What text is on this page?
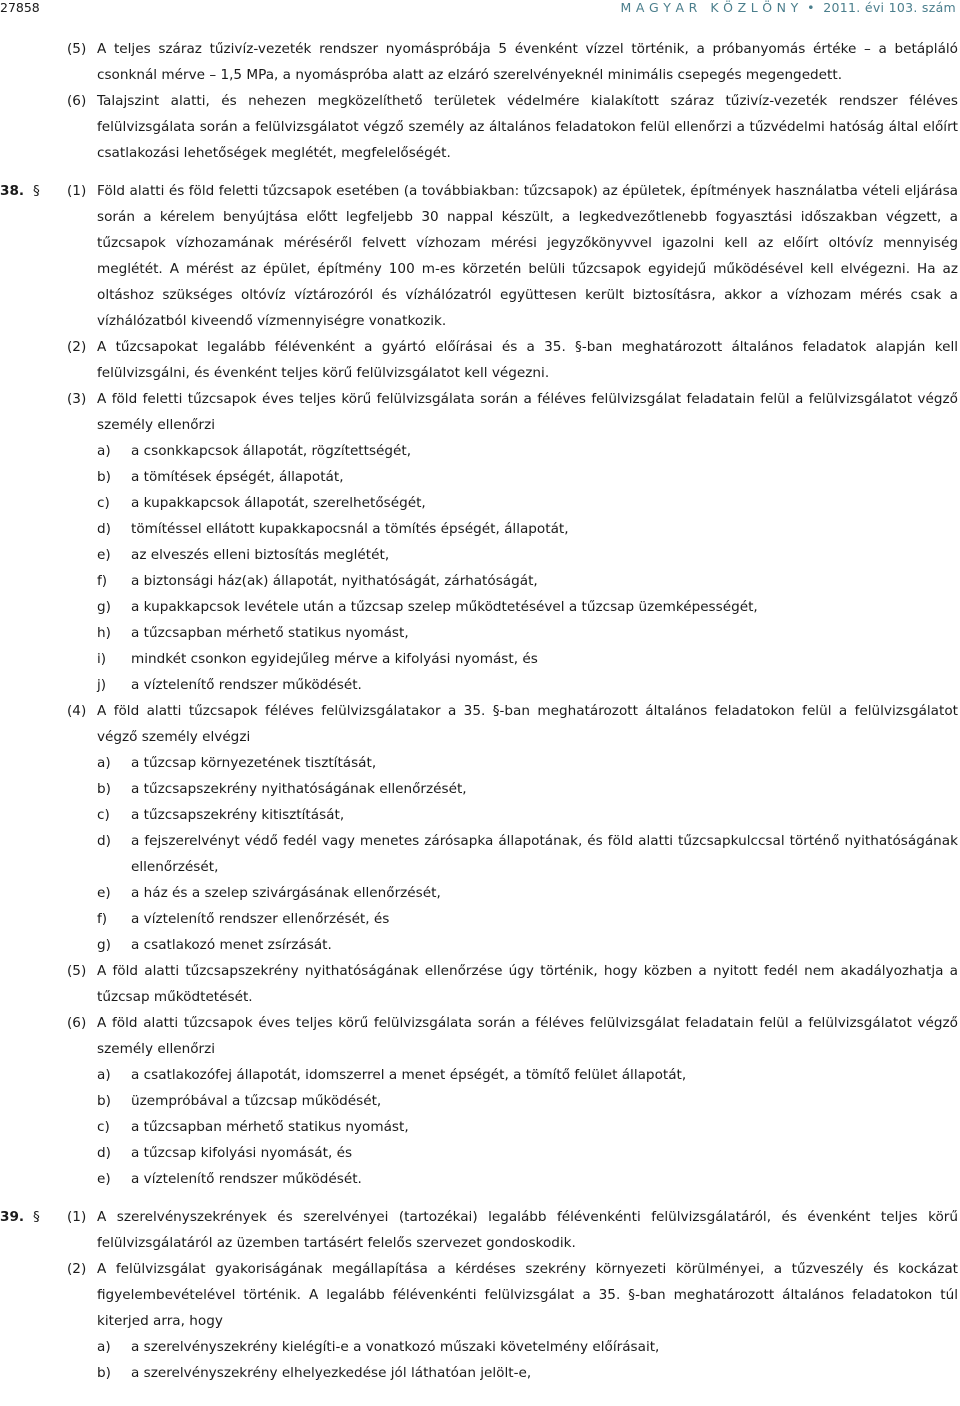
27858	M A G Y A R   K Ö Z L Ö N Y  •  2011. évi 103. szám
(5) A teljes száraz tűzivíz-vezeték rendszer nyomáspróbája 5 évenként vízzel történik, a próbanyomás értéke – a betápláló csonknál mérve – 1,5 MPa, a nyomáspróba alatt az elzáró szerelvényeknél minimális csepegés megengedett.
(6) Talajszint alatti, és nehezen megközelíthető területek védelmére kialakított száraz tűzivíz-vezeték rendszer féléves felülvizsgálata során a felülvizsgálatot végző személy az általános feladatokon felül ellenőrzi a tűzvédelmi hatóság által előírt csatlakozási lehetőségek meglétét, megfelelőségét.
38. § (1) Föld alatti és föld feletti tűzcsapok esetében (a továbbiakban: tűzcsapok) az épületek, építmények használatba vételi eljárása során a kérelem benyújtása előtt legfeljebb 30 nappal készült, a legkedvezőtlenebb fogyasztási időszakban végzett, a tűzcsapok vízhozamának méréséről felvett vízhozam mérési jegyzőkönyvvel igazolni kell az előírt oltóvíz mennyiség meglétét. A mérést az épület, építmény 100 m-es körzetén belüli tűzcsapok egyidejű működésével kell elvégezni. Ha az oltáshoz szükséges oltóvíz víztározóról és vízhálózatról együttesen került biztosításra, akkor a vízhozam mérés csak a vízhálózatból kiveendő vízmennyiségre vonatkozik.
(2) A tűzcsapokat legalább félévenként a gyártó előírásai és a 35. §-ban meghatározott általános feladatok alapján kell felülvizsgálni, és évenként teljes körű felülvizsgálatot kell végezni.
(3) A föld feletti tűzcsapok éves teljes körű felülvizsgálata során a féléves felülvizsgálat feladatain felül a felülvizsgálatot végző személy ellenőrzi
a) a csonkkapcsok állapotát, rögzítettségét,
b) a tömítések épségét, állapotát,
c) a kupakkapcsok állapotát, szerelhetőségét,
d) tömítéssel ellátott kupakkapocsnál a tömítés épségét, állapotát,
e) az elveszés elleni biztosítás meglétét,
f) a biztonsági ház(ak) állapotát, nyithatóságát, zárhatóságát,
g) a kupakkapcsok levétele után a tűzcsap szelep működtetésével a tűzcsap üzemképességét,
h) a tűzcsapban mérhető statikus nyomást,
i) mindkét csonkon egyidejűleg mérve a kifolyási nyomást, és
j) a víztelenítő rendszer működését.
(4) A föld alatti tűzcsapok féléves felülvizsgálatakor a 35. §-ban meghatározott általános feladatokon felül a felülvizsgálatot végző személy elvégzi
a) a tűzcsap környezetének tisztítását,
b) a tűzcsapszekrény nyithatóságának ellenőrzését,
c) a tűzcsapszekrény kitisztítását,
d) a fejszerelvényt védő fedél vagy menetes zárósapka állapotának, és föld alatti tűzcsapkulccsal történő nyithatóságának ellenőrzését,
e) a ház és a szelep szivárgásának ellenőrzését,
f) a víztelenítő rendszer ellenőrzését, és
g) a csatlakozó menet zsírzását.
(5) A föld alatti tűzcsapszekrény nyithatóságának ellenőrzése úgy történik, hogy közben a nyitott fedél nem akadályozhatja a tűzcsap működtetését.
(6) A föld alatti tűzcsapok éves teljes körű felülvizsgálata során a féléves felülvizsgálat feladatain felül a felülvizsgálatot végző személy ellenőrzi
a) a csatlakozófej állapotát, idomszerrel a menet épségét, a tömítő felület állapotát,
b) üzempróbával a tűzcsap működését,
c) a tűzcsapban mérhető statikus nyomást,
d) a tűzcsap kifolyási nyomását, és
e) a víztelenítő rendszer működését.
39. § (1) A szerelvényszekrények és szerelvényei (tartozékai) legalább félévenkénti felülvizsgálatáról, és évenként teljes körű felülvizsgálatáról az üzemben tartásért felelős szervezet gondoskodik.
(2) A felülvizsgálat gyakoriságának megállapítása a kérdéses szekrény környezeti körülményei, a tűzveszély és kockázat figyelembevételével történik. A legalább félévenkénti felülvizsgálat a 35. §-ban meghatározott általános feladatokon túl kiterjed arra, hogy
a) a szerelvényszekrény kielégíti-e a vonatkozó műszaki követelmény előírásait,
b) a szerelvényszekrény elhelyezkedése jól láthatóan jelölt-e,
